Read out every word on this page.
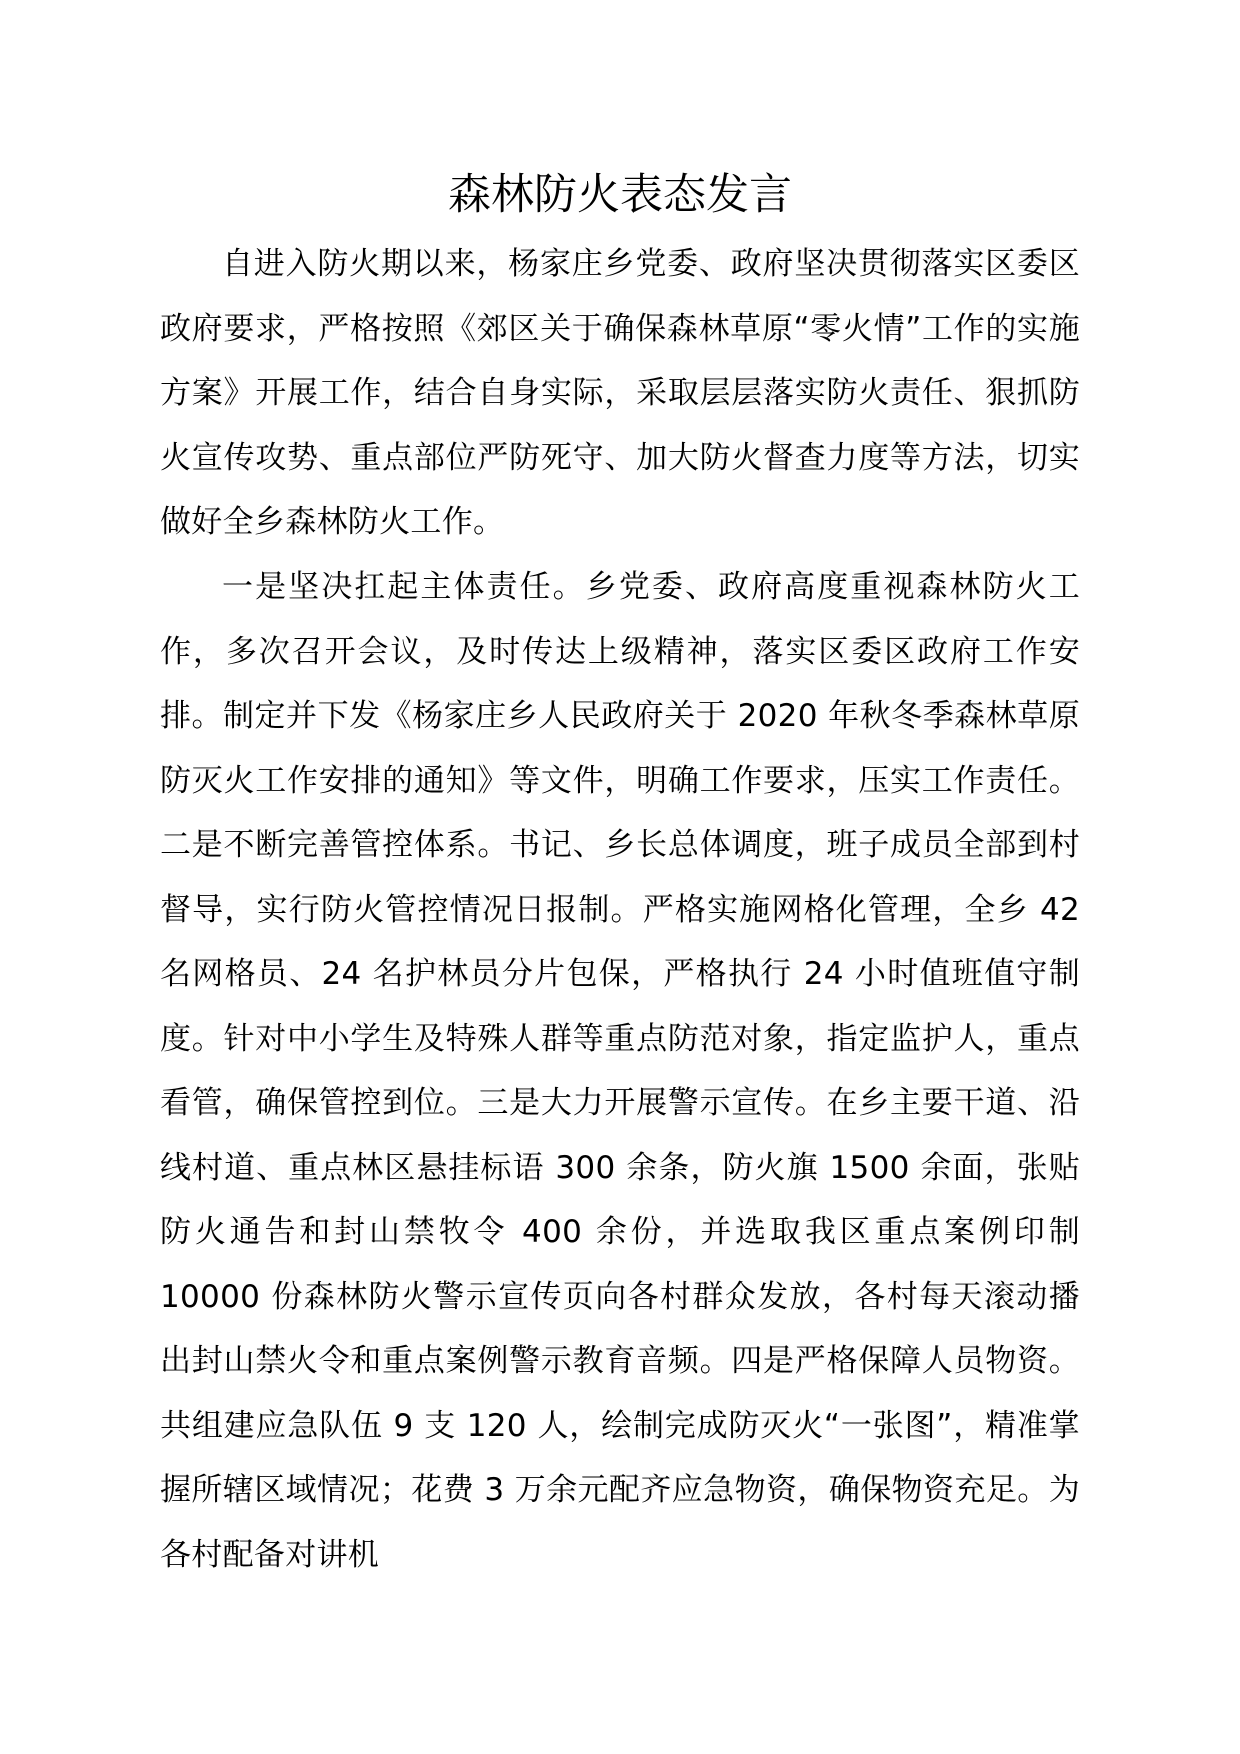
森林防火表态发言

自进入防火期以来，杨家庄乡党委、政府坚决贯彻落实区委区政府要求，严格按照《郊区关于确保森林草原“零火情”工作的实施方案》开展工作，结合自身实际，采取层层落实防火责任、狠抓防火宣传攻势、重点部位严防死守、加大防火督查力度等方法，切实做好全乡森林防火工作。

一是坚决扛起主体责任。乡党委、政府高度重视森林防火工作，多次召开会议，及时传达上级精神，落实区委区政府工作安排。制定并下发《杨家庄乡人民政府关于 2020 年秋冬季森林草原防灭火工作安排的通知》等文件，明确工作要求，压实工作责任。二是不断完善管控体系。书记、乡长总体调度，班子成员全部到村督导，实行防火管控情况日报制。严格实施网格化管理，全乡 42 名网格员、24 名护林员分片包保，严格执行 24 小时值班值守制度。针对中小学生及特殊人群等重点防范对象，指定监护人，重点看管，确保管控到位。三是大力开展警示宣传。在乡主要干道、沿线村道、重点林区悬挂标语 300 余条，防火旗 1500 余面，张贴防火通告和封山禁牧令 400 余份，并选取我区重点案例印制 10000 份森林防火警示宣传页向各村群众发放，各村每天滚动播出封山禁火令和重点案例警示教育音频。四是严格保障人员物资。共组建应急队伍 9 支 120 人，绘制完成防灭火“一张图”，精准掌握所辖区域情况；花费 3 万余元配齐应急物资，确保物资充足。为各村配备对讲机
